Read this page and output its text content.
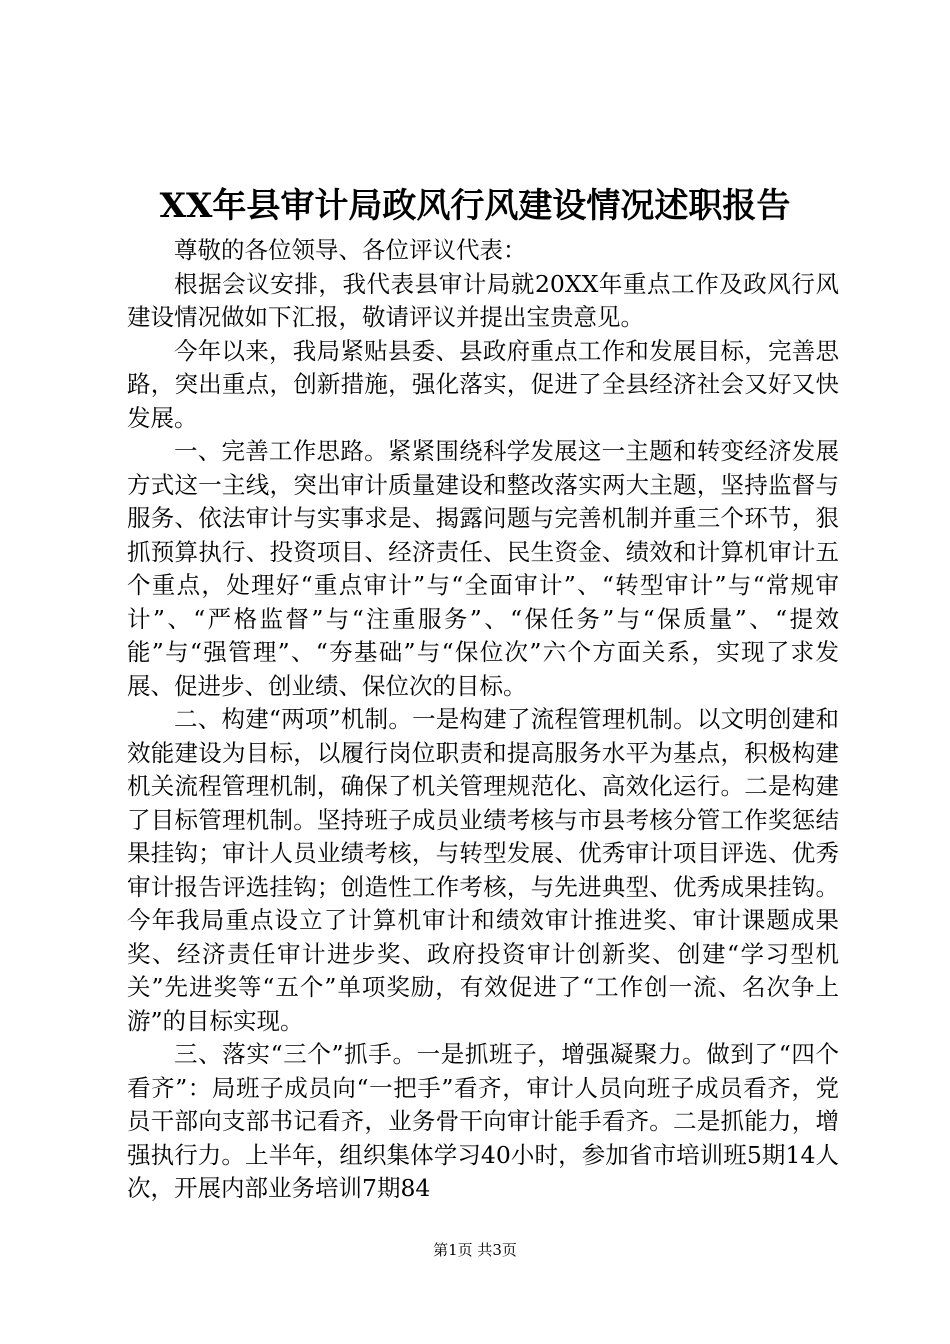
XX年县审计局政风行风建设情况述职报告

尊敬的各位领导、各位评议代表：

根据会议安排，我代表县审计局就20XX年重点工作及政风行风建设情况做如下汇报，敬请评议并提出宝贵意见。

今年以来，我局紧贴县委、县政府重点工作和发展目标，完善思路，突出重点，创新措施，强化落实，促进了全县经济社会又好又快发展。

一、完善工作思路。紧紧围绕科学发展这一主题和转变经济发展方式这一主线，突出审计质量建设和整改落实两大主题，坚持监督与服务、依法审计与实事求是、揭露问题与完善机制并重三个环节，狠抓预算执行、投资项目、经济责任、民生资金、绩效和计算机审计五个重点，处理好“重点审计”与“全面审计”、“转型审计”与“常规审计”、“严格监督”与“注重服务”、“保任务”与“保质量”、“提效能”与“强管理”、“夯基础”与“保位次”六个方面关系，实现了求发展、促进步、创业绩、保位次的目标。

二、构建“两项”机制。一是构建了流程管理机制。以文明创建和效能建设为目标，以履行岗位职责和提高服务水平为基点，积极构建机关流程管理机制，确保了机关管理规范化、高效化运行。二是构建了目标管理机制。坚持班子成员业绩考核与市县考核分管工作奖惩结果挂钩；审计人员业绩考核，与转型发展、优秀审计项目评选、优秀审计报告评选挂钩；创造性工作考核，与先进典型、优秀成果挂钩。今年我局重点设立了计算机审计和绩效审计推进奖、审计课题成果奖、经济责任审计进步奖、政府投资审计创新奖、创建“学习型机关”先进奖等“五个”单项奖励，有效促进了“工作创一流、名次争上游”的目标实现。

三、落实“三个”抓手。一是抓班子，增强凝聚力。做到了“四个看齐”：局班子成员向“一把手”看齐，审计人员向班子成员看齐，党员干部向支部书记看齐，业务骨干向审计能手看齐。二是抓能力，增强执行力。上半年，组织集体学习40小时，参加省市培训班5期14人次，开展内部业务培训7期84

第1页 共3页
